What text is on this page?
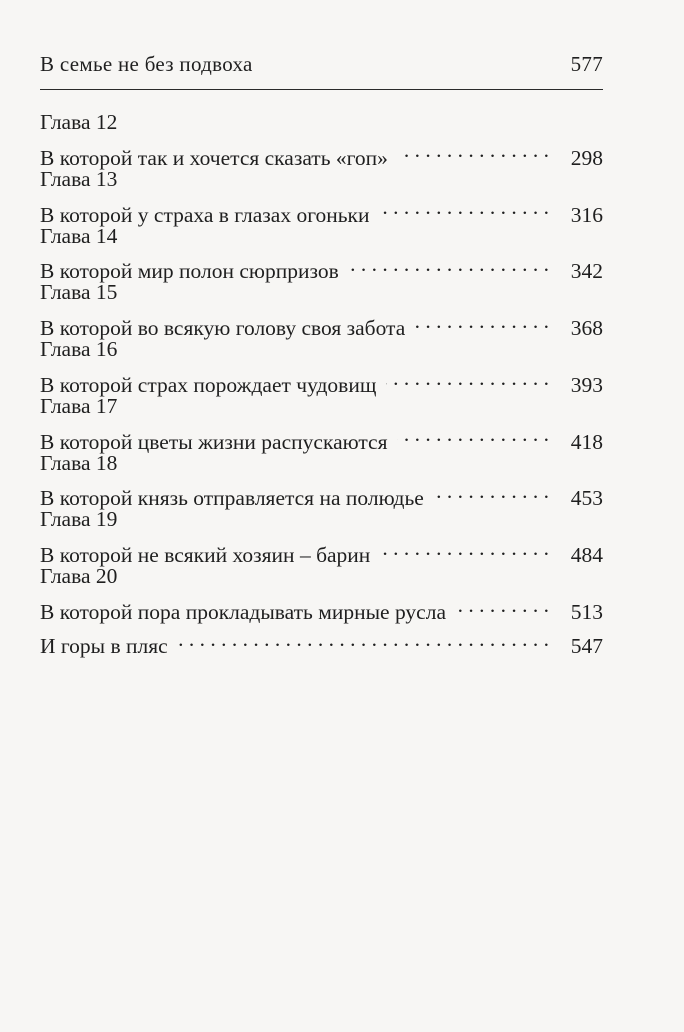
В семье не без подвоха	577
Глава 12
В которой так и хочется сказать «гоп» . . .	298
Глава 13
В которой у страха в глазах огоньки . . .	316
Глава 14
В которой мир полон сюрпризов . . .	342
Глава 15
В которой во всякую голову своя забота . . .	368
Глава 16
В которой страх порождает чудовищ . . .	393
Глава 17
В которой цветы жизни распускаются . . .	418
Глава 18
В которой князь отправляется на полюдье . . .	453
Глава 19
В которой не всякий хозяин – барин . . .	484
Глава 20
В которой пора прокладывать мирные русла . . .	513
И горы в пляс . . .	547
